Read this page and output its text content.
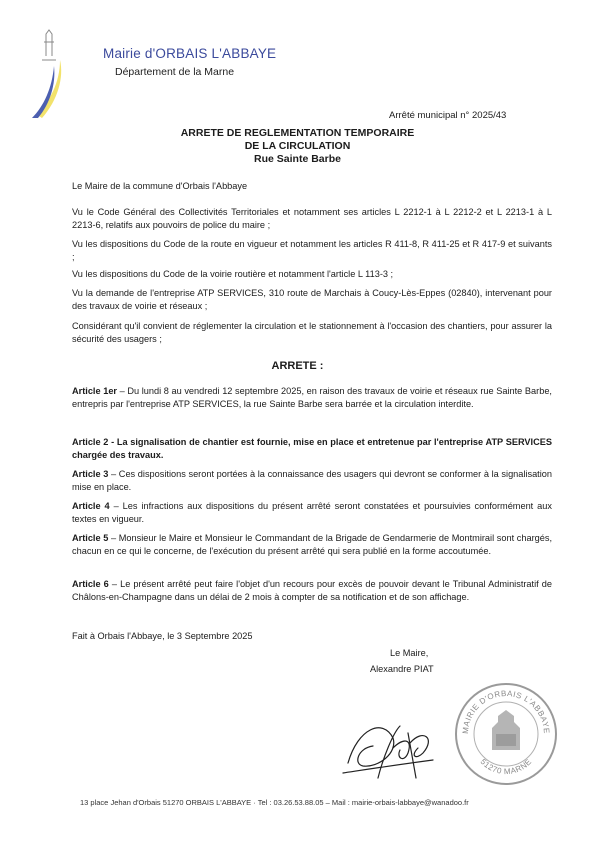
Mairie d'ORBAIS L'ABBAYE
Département de la Marne
Arrêté municipal n° 2025/43
ARRETE DE REGLEMENTATION TEMPORAIRE
DE LA CIRCULATION
Rue Sainte Barbe
Le Maire de la commune d'Orbais l'Abbaye
Vu le Code Général des Collectivités Territoriales et notamment ses articles L 2212-1 à L 2212-2 et L 2213-1 à L 2213-6, relatifs aux pouvoirs de police du maire ;
Vu les dispositions du Code de la route en vigueur et notamment les articles R 411-8, R 411-25 et R 417-9 et suivants ;
Vu les dispositions du Code de la voirie routière et notamment l'article L 113-3 ;
Vu la demande de l'entreprise ATP SERVICES, 310 route de Marchais à Coucy-Lès-Eppes (02840), intervenant pour des travaux de voirie et réseaux ;
Considérant qu'il convient de réglementer la circulation et le stationnement à l'occasion des chantiers, pour assurer la sécurité des usagers ;
ARRETE :
Article 1er – Du lundi 8 au vendredi 12 septembre 2025, en raison des travaux de voirie et réseaux rue Sainte Barbe, entrepris par l'entreprise ATP SERVICES, la rue Sainte Barbe sera barrée et la circulation interdite.
Article 2 - La signalisation de chantier est fournie, mise en place et entretenue par l'entreprise ATP SERVICES chargée des travaux.
Article 3 – Ces dispositions seront portées à la connaissance des usagers qui devront se conformer à la signalisation mise en place.
Article 4 – Les infractions aux dispositions du présent arrêté seront constatées et poursuivies conformément aux textes en vigueur.
Article 5 – Monsieur le Maire et Monsieur le Commandant de la Brigade de Gendarmerie de Montmirail sont chargés, chacun en ce qui le concerne, de l'exécution du présent arrêté qui sera publié en la forme accoutumée.
Article 6 – Le présent arrêté peut faire l'objet d'un recours pour excès de pouvoir devant le Tribunal Administratif de Châlons-en-Champagne dans un délai de 2 mois à compter de sa notification et de son affichage.
Fait à Orbais l'Abbaye, le 3 Septembre 2025
Le Maire,
Alexandre PIAT
MAIRIE D'ORBAIS L'ABBAYE
51270 MARNE
13 place Jehan d'Orbais 51270 ORBAIS L'ABBAYE · Tel : 03.26.53.88.05 – Mail : mairie-orbais-labbaye@wanadoo.fr
